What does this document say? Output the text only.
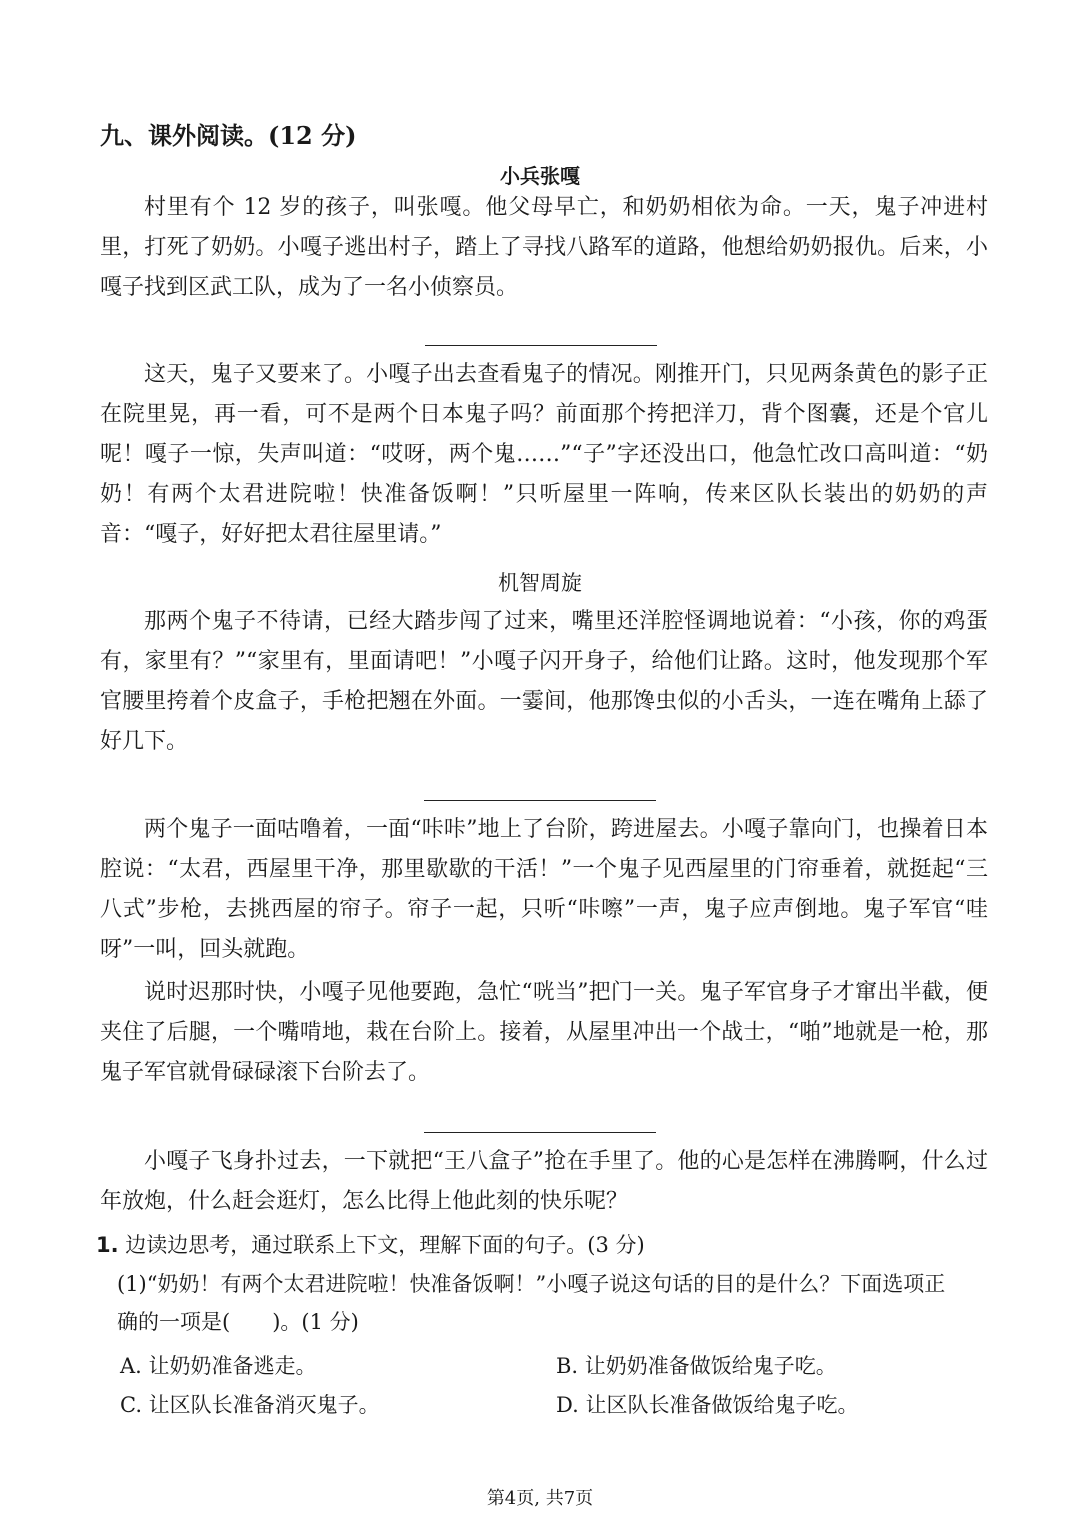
九、课外阅读。(12 分)
小兵张嘎
村里有个 12 岁的孩子，叫张嘎。他父母早亡，和奶奶相依为命。一天，鬼子冲进村里，打死了奶奶。小嘎子逃出村子，踏上了寻找八路军的道路，他想给奶奶报仇。后来，小嘎子找到区武工队，成为了一名小侦察员。
这天，鬼子又要来了。小嘎子出去查看鬼子的情况。刚推开门，只见两条黄色的影子正在院里晃，再一看，可不是两个日本鬼子吗？前面那个挎把洋刀，背个图囊，还是个官儿呢！嘎子一惊，失声叫道：“哎呀，两个鬼……”“子”字还没出口，他急忙改口高叫道：“奶奶！有两个太君进院啦！快准备饭啊！”只听屋里一阵响，传来区队长装出的奶奶的声音：“嘎子，好好把太君往屋里请。”
机智周旋
那两个鬼子不待请，已经大踏步闯了过来，嘴里还洋腔怪调地说着：“小孩，你的鸡蛋有，家里有？”“家里有，里面请吧！”小嘎子闪开身子，给他们让路。这时，他发现那个军官腰里挎着个皮盒子，手枪把翘在外面。一霎间，他那馋虫似的小舌头，一连在嘴角上舔了好几下。
两个鬼子一面咕噜着，一面“咔咔”地上了台阶，跨进屋去。小嘎子靠向门，也操着日本腔说：“太君，西屋里干净，那里歇歇的干活！”一个鬼子见西屋里的门帘垂着，就挺起“三八式”步枪，去挑西屋的帘子。帘子一起，只听“咔嚓”一声，鬼子应声倒地。鬼子军官“哇呀”一叫，回头就跑。
说时迟那时快，小嘎子见他要跑，急忙“咣当”把门一关。鬼子军官身子才窜出半截，便夹住了后腿，一个嘴啃地，栽在台阶上。接着，从屋里冲出一个战士，“啪”地就是一枪，那鬼子军官就骨碌碌滚下台阶去了。
小嘎子飞身扑过去，一下就把“王八盒子”抢在手里了。他的心是怎样在沸腾啊，什么过年放炮，什么赶会逛灯，怎么比得上他此刻的快乐呢？
1. 边读边思考，通过联系上下文，理解下面的句子。(3 分)
(1)“奶奶！有两个太君进院啦！快准备饭啊！”小嘎子说这句话的目的是什么？下面选项正
确的一项是(　　)。(1 分)
A. 让奶奶准备逃走。	B. 让奶奶准备做饭给鬼子吃。
C. 让区队长准备消灭鬼子。	D. 让区队长准备做饭给鬼子吃。
第4页, 共7页
